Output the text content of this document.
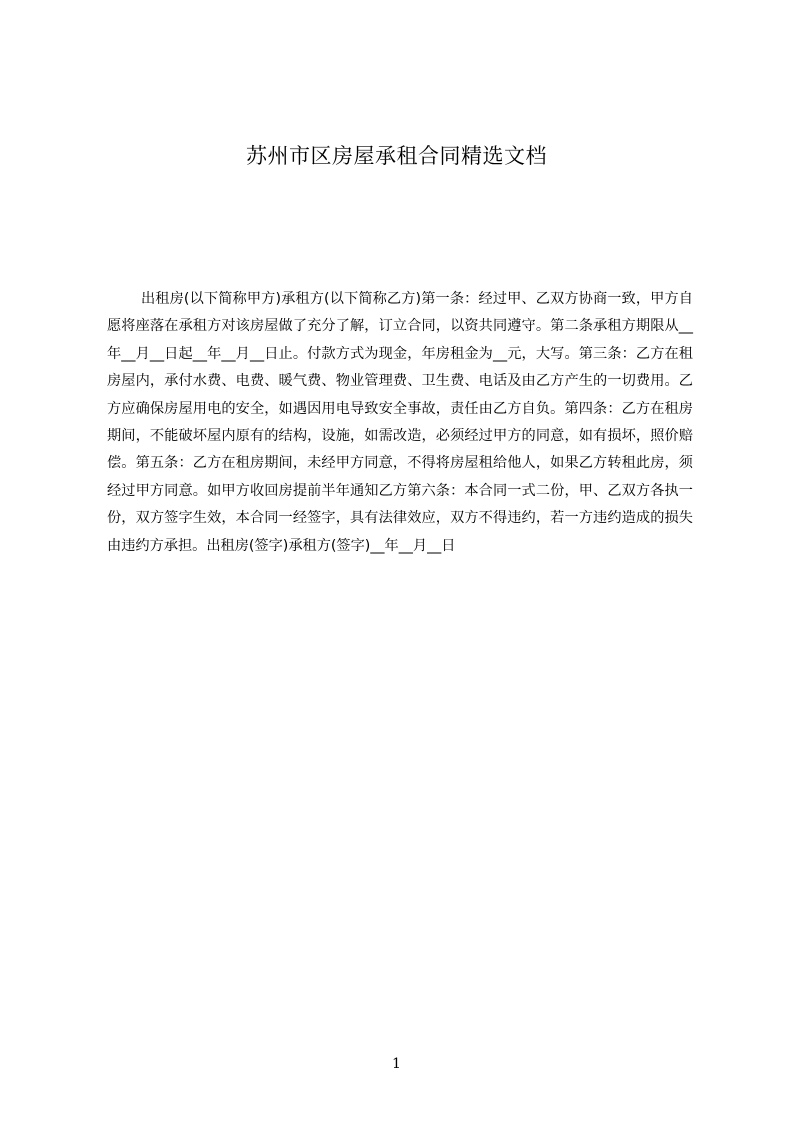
苏州市区房屋承租合同精选文档
出租房(以下简称甲方)承租方(以下简称乙方)第一条：经过甲、乙双方协商一致，甲方自愿将座落在承租方对该房屋做了充分了解，订立合同，以资共同遵守。第二条承租方期限从__年__月__日起__年__月__日止。付款方式为现金，年房租金为__元，大写。第三条：乙方在租房屋内，承付水费、电费、暖气费、物业管理费、卫生费、电话及由乙方产生的一切费用。乙方应确保房屋用电的安全，如遇因用电导致安全事故，责任由乙方自负。第四条：乙方在租房期间，不能破坏屋内原有的结构，设施，如需改造，必须经过甲方的同意，如有损坏，照价赔偿。第五条：乙方在租房期间，未经甲方同意，不得将房屋租给他人，如果乙方转租此房，须经过甲方同意。如甲方收回房提前半年通知乙方第六条：本合同一式二份，甲、乙双方各执一份，双方签字生效，本合同一经签字，具有法律效应，双方不得违约，若一方违约造成的损失由违约方承担。出租房(签字)承租方(签字)__年__月__日
1
